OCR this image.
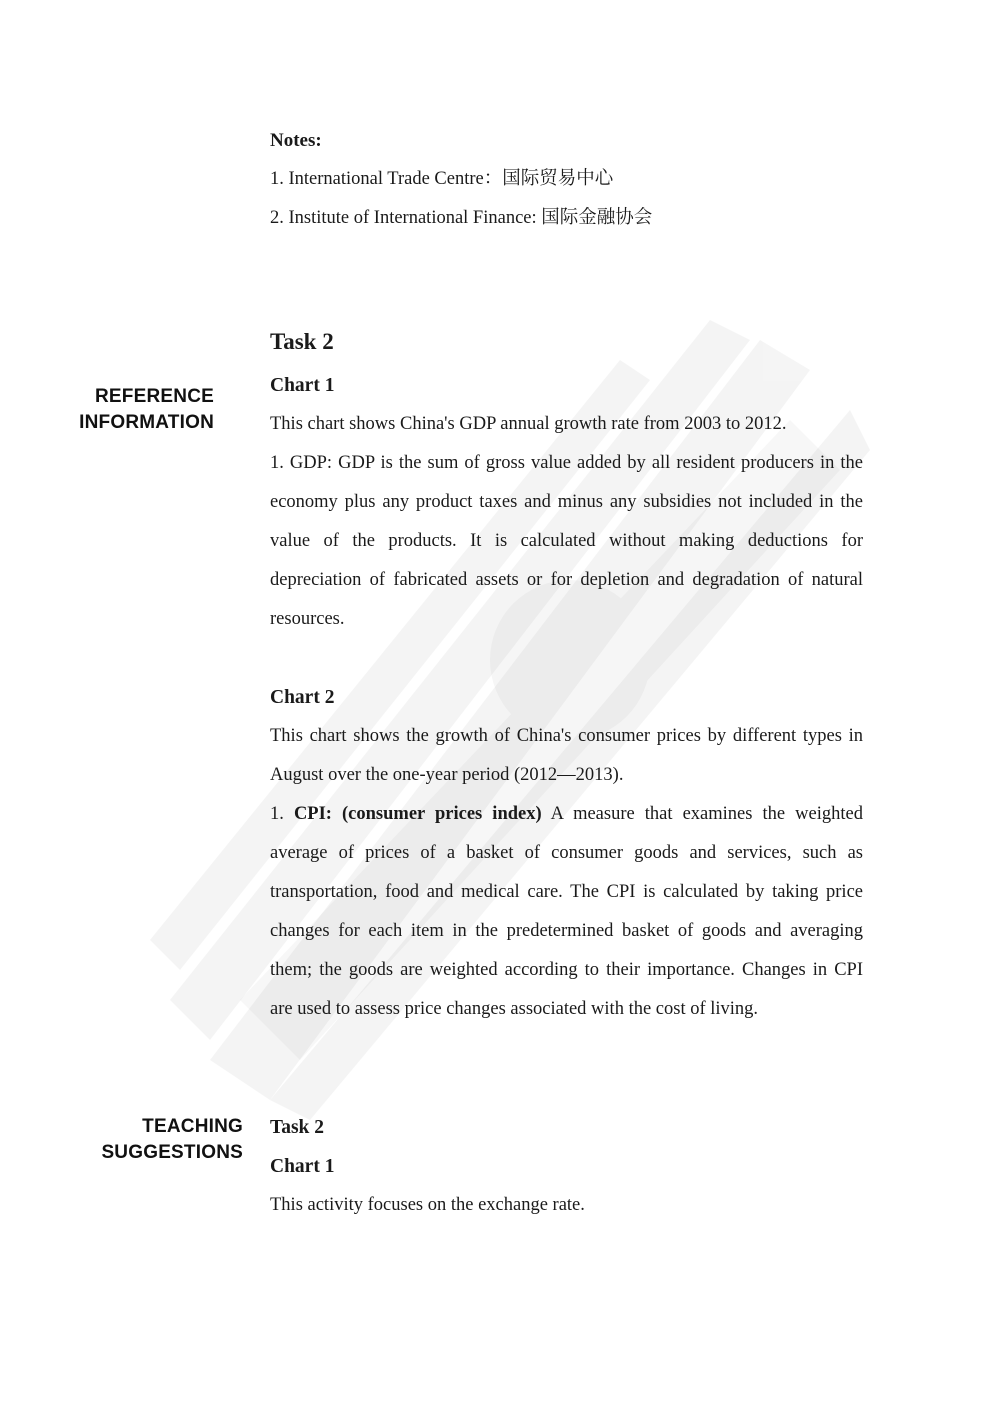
Notes:
1. International Trade Centre：国际贸易中心
2. Institute of International Finance: 国际金融协会
REFERENCE
INFORMATION
Task 2
Chart 1

This chart shows China's GDP annual growth rate from 2003 to 2012.

1. GDP: GDP is the sum of gross value added by all resident producers in the economy plus any product taxes and minus any subsidies not included in the value of the products. It is calculated without making deductions for depreciation of fabricated assets or for depletion and degradation of natural resources.

Chart 2

This chart shows the growth of China's consumer prices by different types in August over the one-year period (2012—2013).

1. CPI: (consumer prices index) A measure that examines the weighted average of prices of a basket of consumer goods and services, such as transportation, food and medical care. The CPI is calculated by taking price changes for each item in the predetermined basket of goods and averaging them; the goods are weighted according to their importance. Changes in CPI are used to assess price changes associated with the cost of living.

TEACHING
SUGGESTIONS
Task 2
Chart 1
This activity focuses on the exchange rate.
